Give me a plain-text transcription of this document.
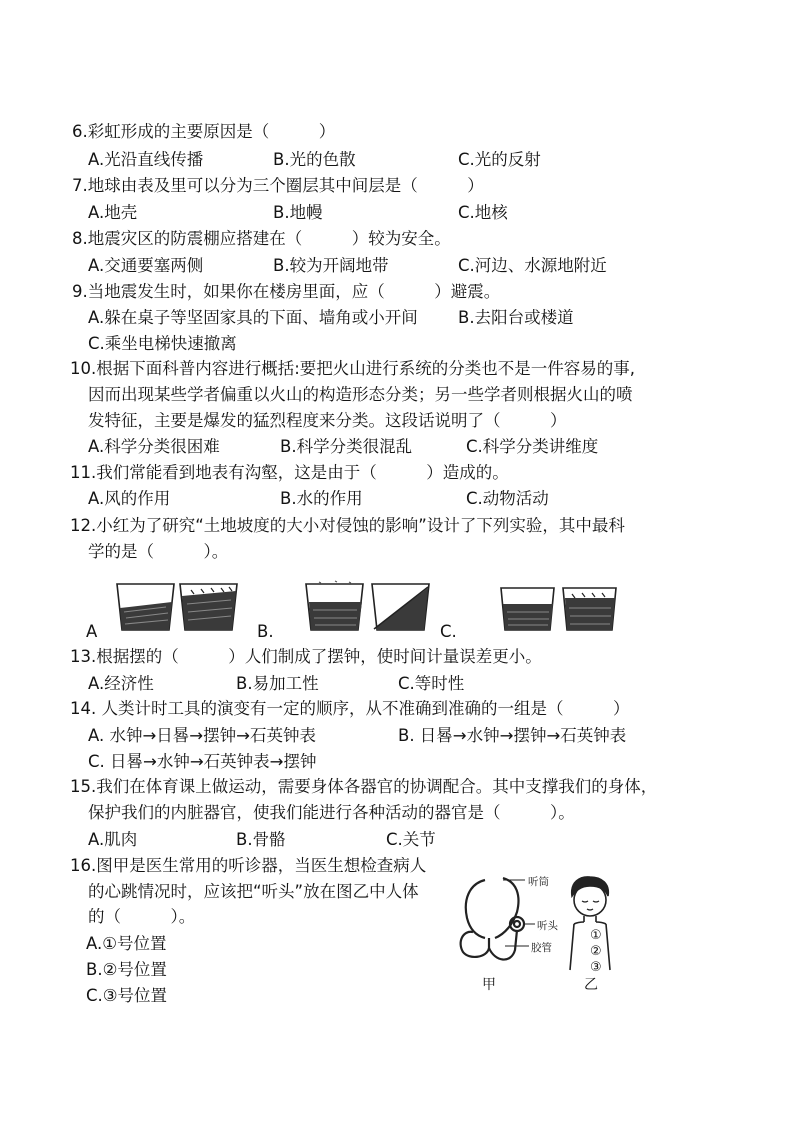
6.彩虹形成的主要原因是（　　　）
A.光沿直线传播	B.光的色散	C.光的反射
7.地球由表及里可以分为三个圈层其中间层是（　　　）
A.地壳	B.地幔	C.地核
8.地震灾区的防震棚应搭建在（　　　）较为安全。
A.交通要塞两侧	B.较为开阔地带	C.河边、水源地附近
9.当地震发生时，如果你在楼房里面，应（　　　）避震。
A.躲在桌子等坚固家具的下面、墙角或小开间 B.去阳台或楼道
C.乘坐电梯快速撤离
10.根据下面科普内容进行概括:要把火山进行系统的分类也不是一件容易的事,
因而出现某些学者偏重以火山的构造形态分类；另一些学者则根据火山的喷
发特征，主要是爆发的猛烈程度来分类。这段话说明了（　　　）
A.科学分类很困难	B.科学分类很混乱	C.科学分类讲维度
11.我们常能看到地表有沟壑，这是由于（　　　）造成的。
A.风的作用	B.水的作用	C.动物活动
12.小红为了研究“土地坡度的大小对侵蚀的影响”设计了下列实验，其中最科
学的是（　　　）。
A	B.	C.
13.根据摆的（　　　）人们制成了摆钟，使时间计量误差更小。
A.经济性	B.易加工性	C.等时性
14. 人类计时工具的演变有一定的顺序，从不准确到准确的一组是（　　　）
A. 水钟→日晷→摆钟→石英钟表	B. 日晷→水钟→摆钟→石英钟表
C. 日晷→水钟→石英钟表→摆钟
15.我们在体育课上做运动，需要身体各器官的协调配合。其中支撑我们的身体，
保护我们的内脏器官，使我们能进行各种活动的器官是（　　　）。
A.肌肉	B.骨骼	C.关节
16.图甲是医生常用的听诊器，当医生想检查病人
的心跳情况时，应该把“听头”放在图乙中人体
的（　　　）。
A.①号位置
B.②号位置
C.③号位置
听筒
听头
胶管
甲
①
②
③
乙
